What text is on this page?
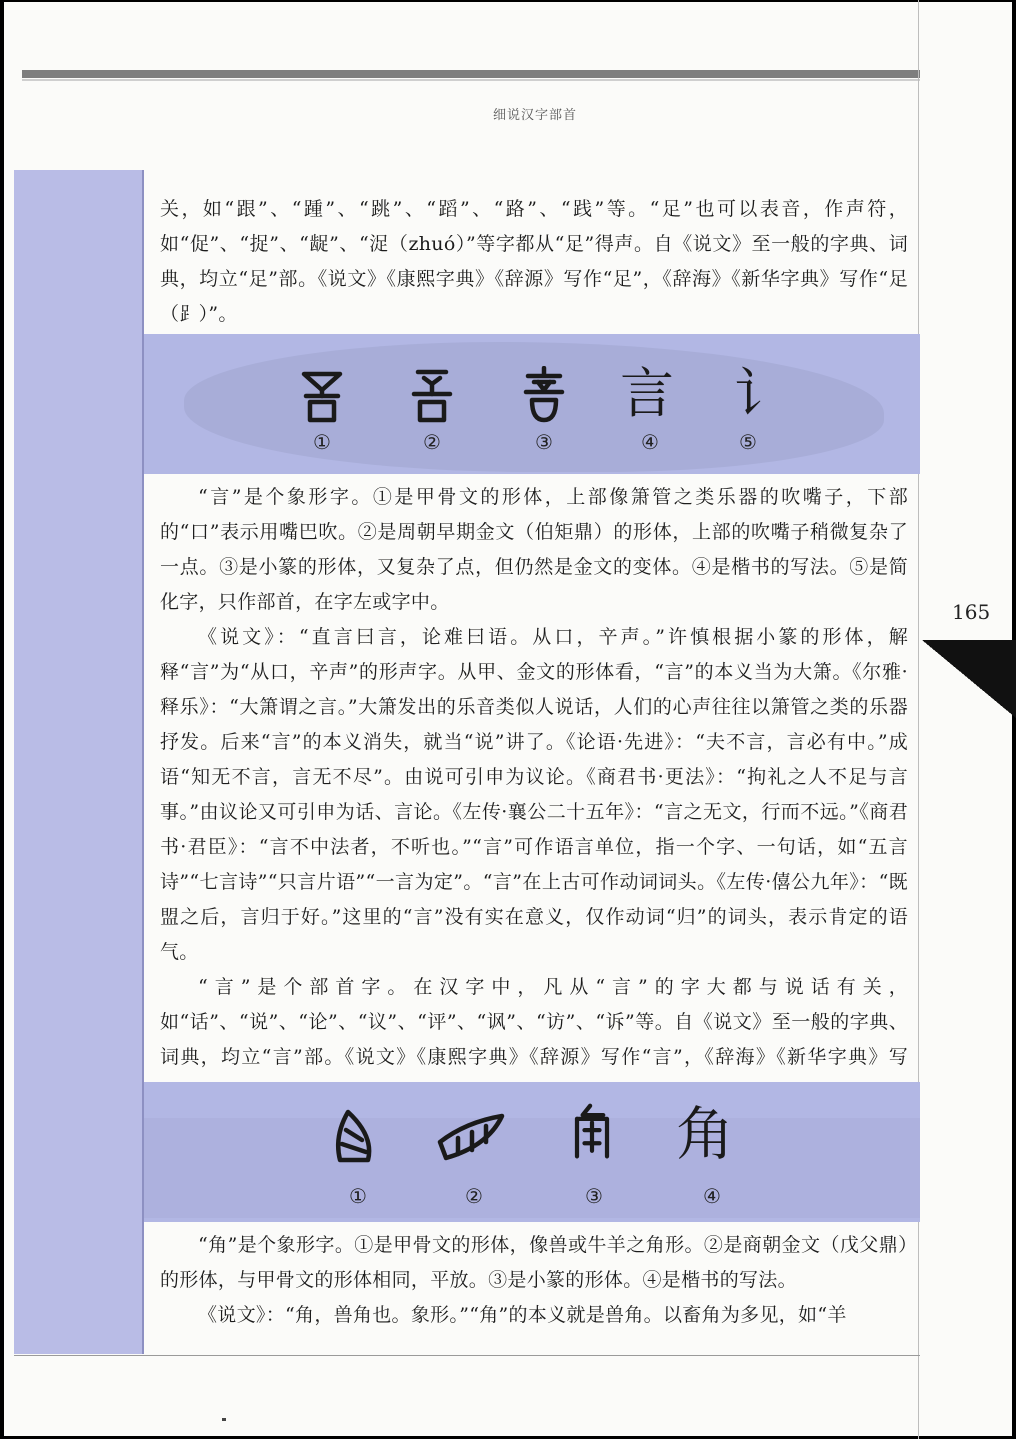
细说汉字部首

关，如“跟”、“踵”、“跳”、“蹈”、“路”、“践”等。“足”也可以表音，作声符，如“促”、“捉”、“龊”、“浞（zhuó）”等字都从“足”得声。自《说文》至一般的字典、词典，均立“足”部。《说文》《康熙字典》《辞源》写作“足”，《辞海》《新华字典》写作“足（⻊）”。

言 讠
①	②	③	④	⑤

“言”是个象形字。①是甲骨文的形体，上部像箫管之类乐器的吹嘴子，下部的“口”表示用嘴巴吹。②是周朝早期金文（伯矩鼎）的形体，上部的吹嘴子稍微复杂了一点。③是小篆的形体，又复杂了点，但仍然是金文的变体。④是楷书的写法。⑤是简化字，只作部首，在字左或字中。

《说文》：“直言曰言，论难曰语。从口，䇂声。”许慎根据小篆的形体，解释“言”为“从口，䇂声”的形声字。从甲、金文的形体看，“言”的本义当为大箫。《尔雅·释乐》：“大箫谓之言。”大箫发出的乐音类似人说话，人们的心声往往以箫管之类的乐器抒发。后来“言”的本义消失，就当“说”讲了。《论语·先进》：“夫不言，言必有中。”成语“知无不言，言无不尽”。由说可引申为议论。《商君书·更法》：“拘礼之人不足与言事。”由议论又可引申为话、言论。《左传·襄公二十五年》：“言之无文，行而不远。”《商君书·君臣》：“言不中法者，不听也。”“言”可作语言单位，指一个字、一句话，如“五言诗”“七言诗”“只言片语”“一言为定”。“言”在上古可作动词词头。《左传·僖公九年》：“既盟之后，言归于好。”这里的“言”没有实在意义，仅作动词“归”的词头，表示肯定的语气。

“言”是个部首字。在汉字中，凡从“言”的字大都与说话有关，如“话”、“说”、“论”、“议”、“评”、“讽”、“访”、“诉”等。自《说文》至一般的字典、词典，均立“言”部。《说文》《康熙字典》《辞源》写作“言”，《辞海》《新华字典》写

角
①	②	③	④

“角”是个象形字。①是甲骨文的形体，像兽或牛羊之角形。②是商朝金文（戊父鼎）的形体，与甲骨文的形体相同，平放。③是小篆的形体。④是楷书的写法。

《说文》：“角，兽角也。象形。”“角”的本义就是兽角。以畜角为多见，如“羊

165
